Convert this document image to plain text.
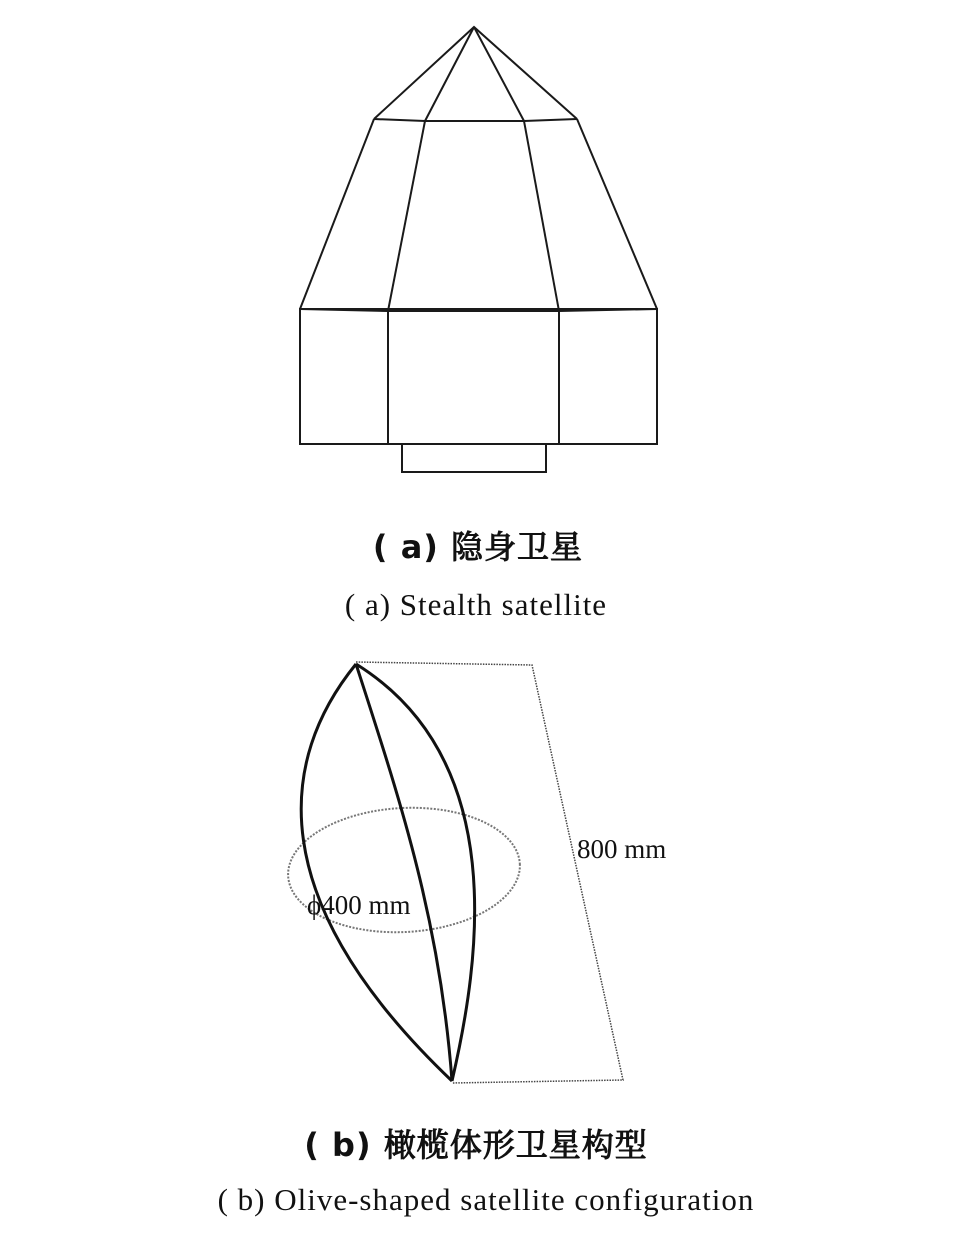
( a) 隐身卫星
( a) Stealth satellite
800 mm
ϕ400 mm
( b) 橄榄体形卫星构型
( b) Olive-shaped satellite configuration
